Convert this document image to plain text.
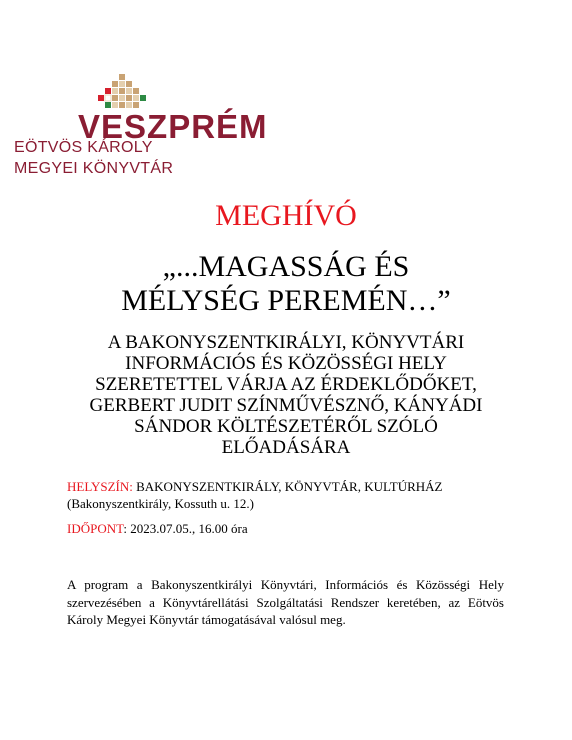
VESZPRÉM
EÖTVÖS KÁROLY
MEGYEI KÖNYVTÁR
MEGHÍVÓ
„...MAGASSÁG ÉS
MÉLYSÉG PEREMÉN…”
A BAKONYSZENTKIRÁLYI, KÖNYVTÁRI
INFORMÁCIÓS ÉS KÖZÖSSÉGI HELY
SZERETETTEL VÁRJA AZ ÉRDEKLŐDŐKET,
GERBERT JUDIT SZÍNMŰVÉSZNŐ, KÁNYÁDI
SÁNDOR KÖLTÉSZETÉRŐL SZÓLÓ
ELŐADÁSÁRA
HELYSZÍN: BAKONYSZENTKIRÁLY, KÖNYVTÁR, KULTÚRHÁZ
(Bakonyszentkirály, Kossuth u. 12.)
IDŐPONT: 2023.07.05., 16.00 óra
A program a Bakonyszentkirályi Könyvtári, Információs és Közösségi Hely szervezésében a Könyvtárellátási Szolgáltatási Rendszer keretében, az Eötvös Károly Megyei Könyvtár támogatásával valósul meg.
